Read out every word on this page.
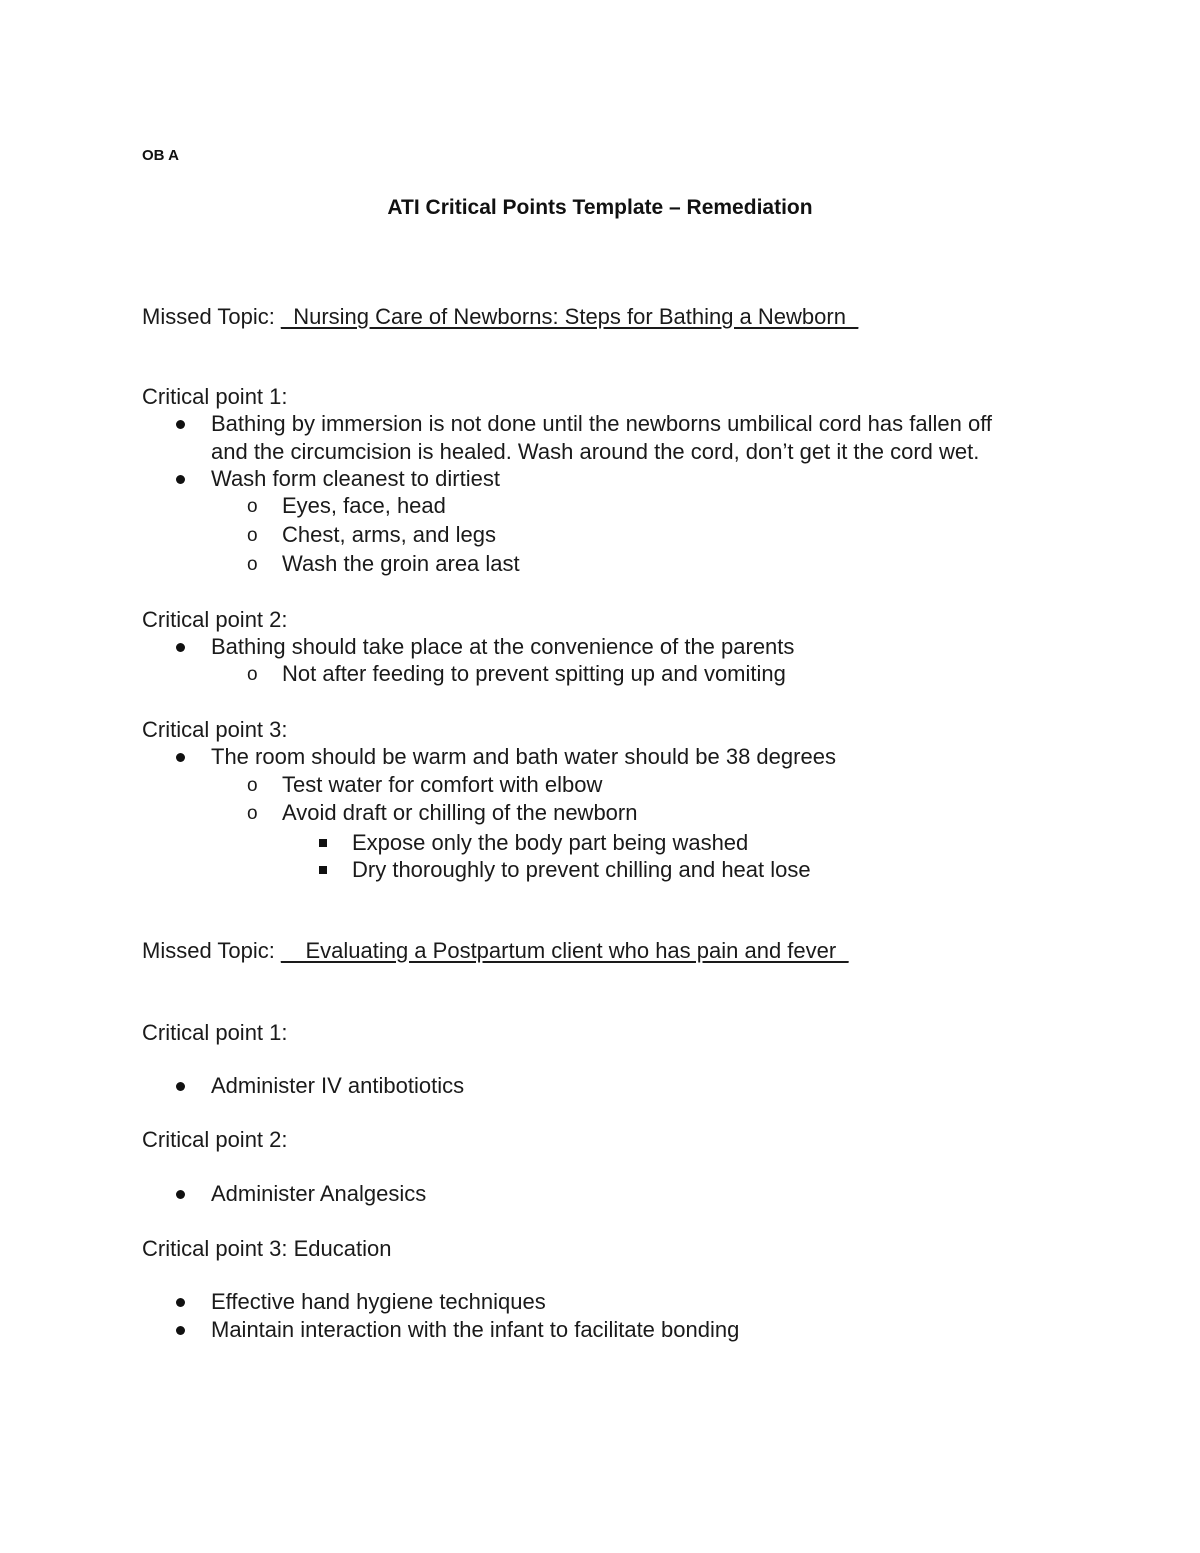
OB A
ATI Critical Points Template – Remediation
Missed Topic: _Nursing Care of Newborns: Steps for Bathing a Newborn_
Critical point 1:
Bathing by immersion is not done until the newborns umbilical cord has fallen off
and the circumcision is healed. Wash around the cord, don’t get it the cord wet.
Wash form cleanest to dirtiest
o Eyes, face, head
o Chest, arms, and legs
o Wash the groin area last
Critical point 2:
Bathing should take place at the convenience of the parents
o Not after feeding to prevent spitting up and vomiting
Critical point 3:
The room should be warm and bath water should be 38 degrees
o Test water for comfort with elbow
o Avoid draft or chilling of the newborn
Expose only the body part being washed
Dry thoroughly to prevent chilling and heat lose
Missed Topic: __Evaluating a Postpartum client who has pain and fever_
Critical point 1:
Administer IV antibotiotics
Critical point 2:
Administer Analgesics
Critical point 3: Education
Effective hand hygiene techniques
Maintain interaction with the infant to facilitate bonding
